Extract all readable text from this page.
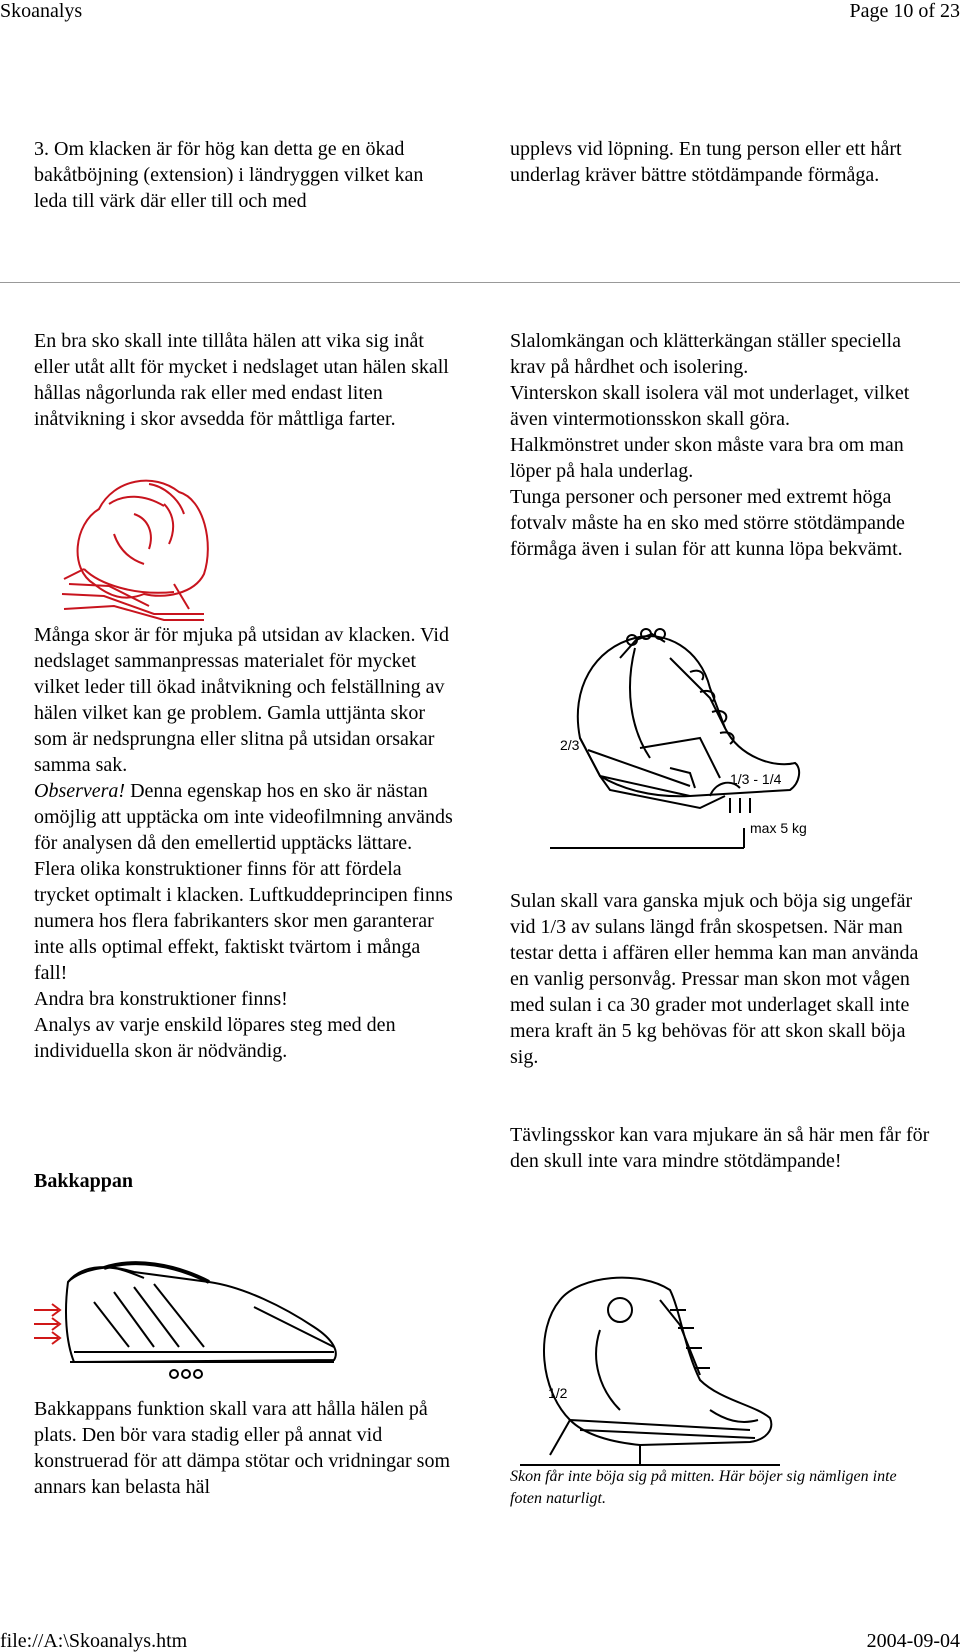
Skoanalys	Page 10 of 23

3. Om klacken är för hög kan detta ge en ökad bakåtböjning (extension) i ländryggen vilket kan leda till värk där eller till och med

upplevs vid löpning. En tung person eller ett hårt underlag kräver bättre stötdämpande förmåga.

En bra sko skall inte tillåta hälen att vika sig inåt eller utåt allt för mycket i nedslaget utan hälen skall hållas någorlunda rak eller med endast liten inåtvikning i skor avsedda för måttliga farter.

Slalomkängan och klätterkängan ställer speciella krav på hårdhet och isolering.

Vinterskon skall isolera väl mot underlaget, vilket även vintermotionsskon skall göra.

Halkmönstret under skon måste vara bra om man löper på hala underlag.

Tunga personer och personer med extremt höga fotvalv måste ha en sko med större stötdämpande förmåga även i sulan för att kunna löpa bekvämt.

Många skor är för mjuka på utsidan av klacken. Vid nedslaget sammanpressas materialet för mycket vilket leder till ökad inåtvikning och felställning av hälen vilket kan ge problem. Gamla uttjänta skor som är nedsprungna eller slitna på utsidan orsakar samma sak.

Observera! Denna egenskap hos en sko är nästan omöjlig att upptäcka om inte videofilmning används för analysen då den emellertid upptäcks lättare. Flera olika konstruktioner finns för att fördela trycket optimalt i klacken. Luftkuddeprincipen finns numera hos flera fabrikanters skor men garanterar inte alls optimal effekt, faktiskt tvärtom i många fall!

Andra bra konstruktioner finns!

Analys av varje enskild löpares steg med den individuella skon är nödvändig.

Bakkappan
2/3
1/3 - 1/4
max 5 kg

Sulan skall vara ganska mjuk och böja sig ungefär vid 1/3 av sulans längd från skospetsen. När man testar detta i affären eller hemma kan man använda en vanlig personvåg. Pressar man skon mot vågen med sulan i ca 30 grader mot underlaget skall inte mera kraft än 5 kg behövas för att skon skall böja sig.

Tävlingsskor kan vara mjukare än så här men får för den skull inte vara mindre stötdämpande!

Bakkappans funktion skall vara att hålla hälen på plats. Den bör vara stadig eller på annat vid konstruerad för att dämpa stötar och vridningar som annars kan belasta häl

1/2

Skon får inte böja sig på mitten. Här böjer sig nämligen inte foten naturligt.

file://A:\Skoanalys.htm	2004-09-04
